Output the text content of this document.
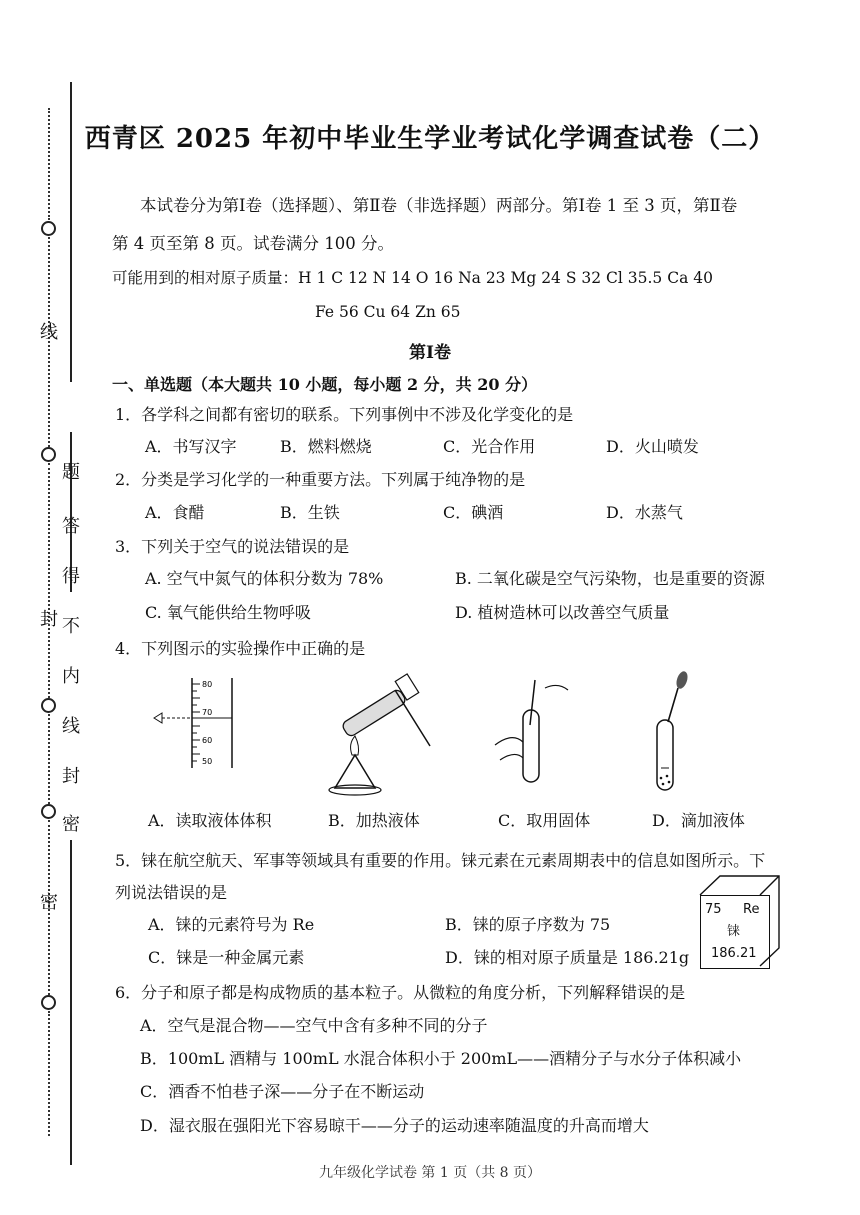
线
封
密
题
答
得
不
内
线
封
密
西青区 2025 年初中毕业生学业考试化学调查试卷（二）
本试卷分为第Ⅰ卷（选择题）、第Ⅱ卷（非选择题）两部分。第Ⅰ卷 1 至 3 页，第Ⅱ卷
第 4 页至第 8 页。试卷满分 100 分。
可能用到的相对原子质量：H 1 C 12 N 14 O 16 Na 23 Mg 24 S 32 Cl 35.5 Ca 40
Fe 56 Cu 64 Zn 65
第Ⅰ卷
一、单选题（本大题共 10 小题，每小题 2 分，共 20 分）
1．各学科之间都有密切的联系。下列事例中不涉及化学变化的是
A．书写汉字	B．燃料燃烧	C．光合作用	D．火山喷发
2．分类是学习化学的一种重要方法。下列属于纯净物的是
A．食醋	B．生铁	C．碘酒	D．水蒸气
3．下列关于空气的说法错误的是
A. 空气中氮气的体积分数为 78%	B. 二氧化碳是空气污染物，也是重要的资源
C. 氧气能供给生物呼吸	D. 植树造林可以改善空气质量
4．下列图示的实验操作中正确的是
80
70
60
50
A．读取液体体积	B．加热液体	C．取用固体	D．滴加液体
5．铼在航空航天、军事等领域具有重要的作用。铼元素在元素周期表中的信息如图所示。下
列说法错误的是
A．铼的元素符号为 Re	B．铼的原子序数为 75
C．铼是一种金属元素	D．铼的相对原子质量是 186.21g
75 Re
铼
186.21
6．分子和原子都是构成物质的基本粒子。从微粒的角度分析，下列解释错误的是
A．空气是混合物——空气中含有多种不同的分子
B．100mL 酒精与 100mL 水混合体积小于 200mL——酒精分子与水分子体积减小
C．酒香不怕巷子深——分子在不断运动
D．湿衣服在强阳光下容易晾干——分子的运动速率随温度的升高而增大
九年级化学试卷 第 1 页（共 8 页）
